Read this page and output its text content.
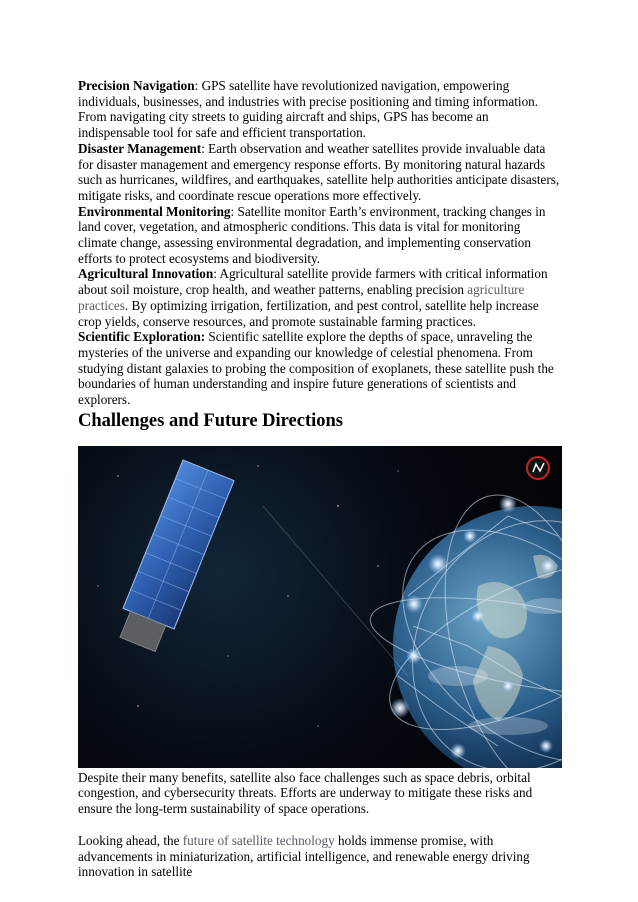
Precision Navigation: GPS satellite have revolutionized navigation, empowering individuals, businesses, and industries with precise positioning and timing information. From navigating city streets to guiding aircraft and ships, GPS has become an indispensable tool for safe and efficient transportation.

Disaster Management: Earth observation and weather satellites provide invaluable data for disaster management and emergency response efforts. By monitoring natural hazards such as hurricanes, wildfires, and earthquakes, satellite help authorities anticipate disasters, mitigate risks, and coordinate rescue operations more effectively.

Environmental Monitoring: Satellite monitor Earth’s environment, tracking changes in land cover, vegetation, and atmospheric conditions. This data is vital for monitoring climate change, assessing environmental degradation, and implementing conservation efforts to protect ecosystems and biodiversity.

Agricultural Innovation: Agricultural satellite provide farmers with critical information about soil moisture, crop health, and weather patterns, enabling precision agriculture practices. By optimizing irrigation, fertilization, and pest control, satellite help increase crop yields, conserve resources, and promote sustainable farming practices.

Scientific Exploration: Scientific satellite explore the depths of space, unraveling the mysteries of the universe and expanding our knowledge of celestial phenomena. From studying distant galaxies to probing the composition of exoplanets, these satellite push the boundaries of human understanding and inspire future generations of scientists and explorers.

Challenges and Future Directions

Despite their many benefits, satellite also face challenges such as space debris, orbital congestion, and cybersecurity threats. Efforts are underway to mitigate these risks and ensure the long-term sustainability of space operations.

Looking ahead, the future of satellite technology holds immense promise, with advancements in miniaturization, artificial intelligence, and renewable energy driving innovation in satellite
